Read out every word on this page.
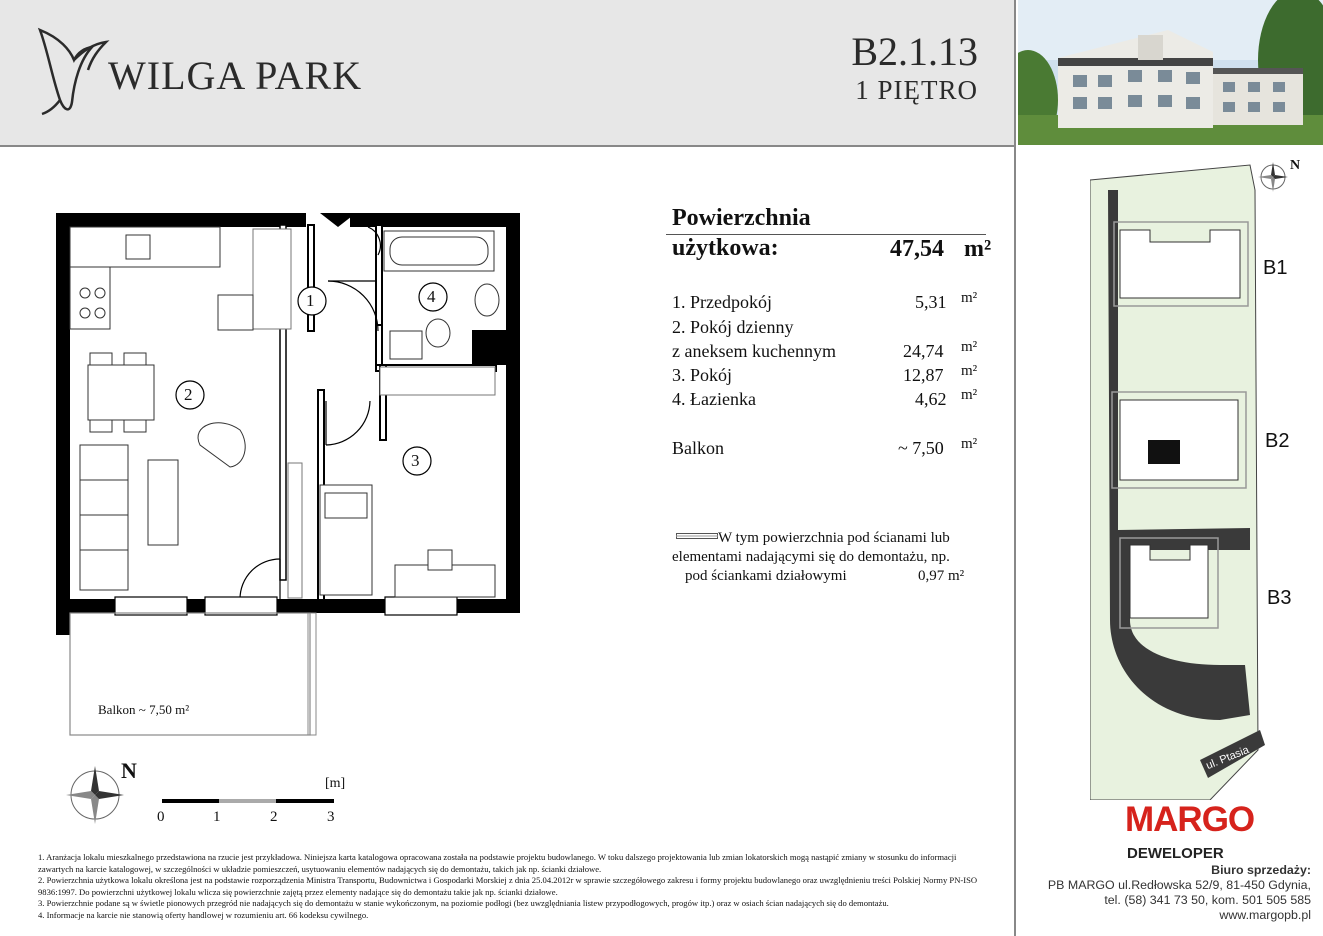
WILGA PARK
B2.1.13
1 PIĘTRO
1
2
3
4
Balkon ~ 7,50 m²
N
[m]
0	1	2	3
Powierzchnia
użytkowa:	47,54 m²
1. Przedpokój	5,31 m²
2. Pokój dzienny
z aneksem kuchennym	24,74 m²
3. Pokój	12,87 m²
4. Łazienka	4,62 m²
Balkon	~ 7,50 m²
W tym powierzchnia pod ścianami lub
elementami nadającymi się do demontażu, np.
pod ściankami działowymi	0,97 m²
B1
B2
B3
N
ul. Ptasia
MARGO
DEWELOPER
Biuro sprzedaży:
PB MARGO ul.Redłowska 52/9, 81-450 Gdynia,
tel. (58) 341 73 50, kom. 501 505 585
www.margopb.pl
1. Aranżacja lokalu mieszkalnego przedstawiona na rzucie jest przykładowa. Niniejsza karta katalogowa opracowana została na podstawie projektu budowlanego. W toku dalszego projektowania lub zmian lokatorskich mogą nastąpić zmiany w stosunku do informacji zawartych na karcie katalogowej, w szczególności w układzie pomieszczeń, usytuowaniu elementów nadających się do demontażu, takich jak np. ścianki działowe.
2. Powierzchnia użytkowa lokalu określona jest na podstawie rozporządzenia Ministra Transportu, Budownictwa i Gospodarki Morskiej z dnia 25.04.2012r w sprawie szczegółowego zakresu i formy projektu budowlanego oraz uwzględnieniu treści Polskiej Normy PN-ISO 9836:1997. Do powierzchni użytkowej lokalu wlicza się powierzchnie zajętą przez elementy nadające się do demontażu takie jak np. ścianki działowe.
3. Powierzchnie podane są w świetle pionowych przegród nie nadających się do demontażu w stanie wykończonym, na poziomie podłogi (bez uwzględniania listew przypodłogowych, progów itp.) oraz w osiach ścian nadających się do demontażu.
4. Informacje na karcie nie stanowią oferty handlowej w rozumieniu art. 66 kodeksu cywilnego.
